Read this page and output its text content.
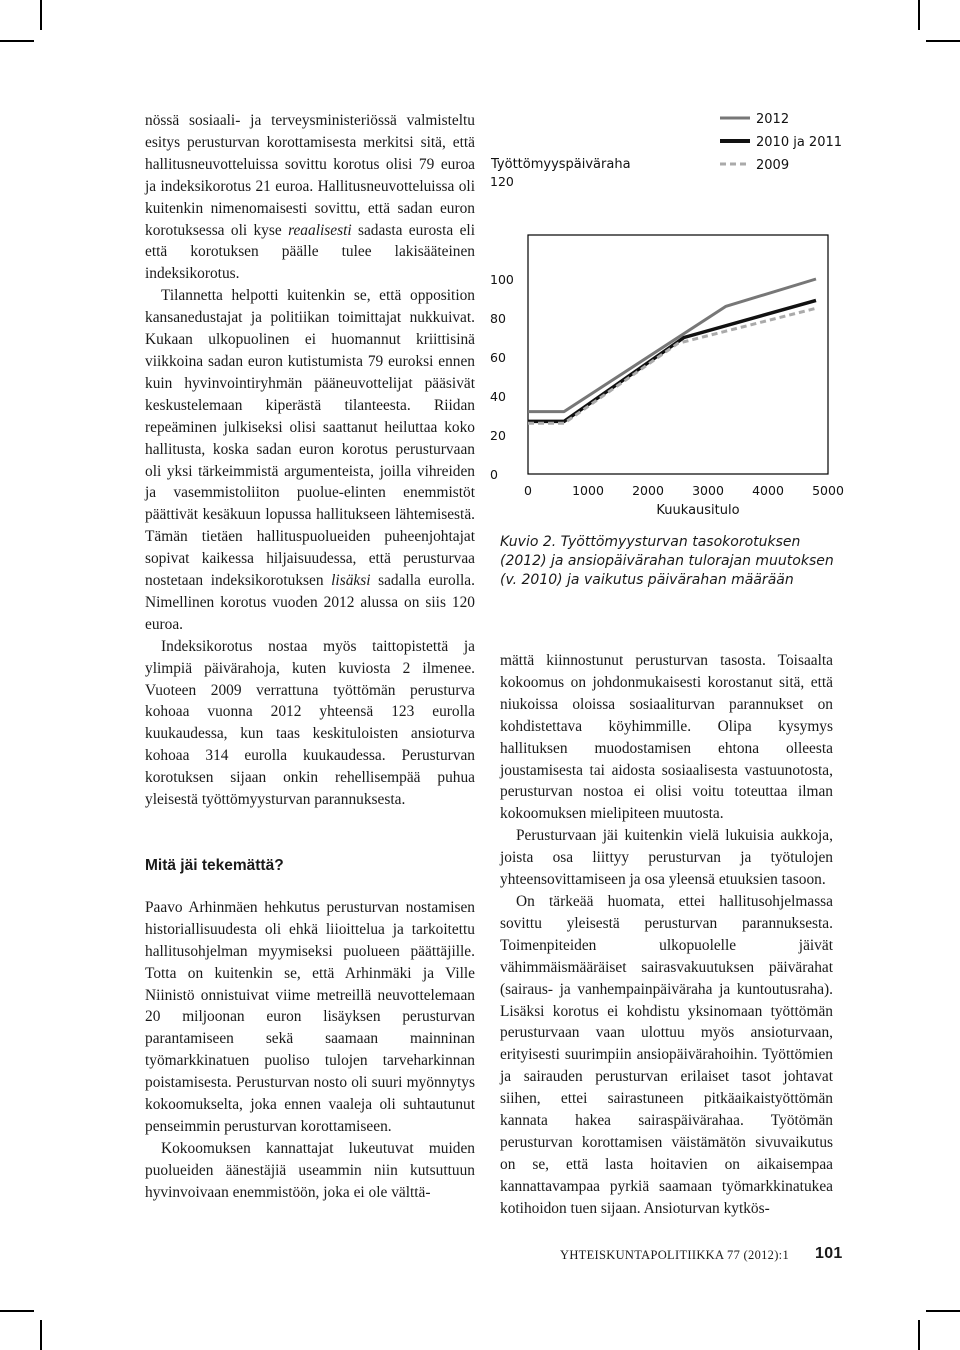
nössä sosiaali- ja terveysministeriössä valmisteltu esitys perusturvan korottamisesta merkitsi sitä, että hallitusneuvotteluissa sovittu korotus olisi 79 euroa ja indeksikorotus 21 euroa. Hallitusneuvotteluissa oli kuitenkin nimenomaisesti sovittu, että sadan euron korotuksessa oli kyse reaalisesti sadasta eurosta eli että korotuksen päälle tulee lakisääteinen indeksikorotus.

Tilannetta helpotti kuitenkin se, että opposition kansanedustajat ja politiikan toimittajat nukkuivat. Kukaan ulkopuolinen ei huomannut kriittisinä viikkoina sadan euron kutistumista 79 euroksi ennen kuin hyvinvointiryhmän pääneuvottelijat pääsivät keskustelemaan kiperästä tilanteesta. Riidan repeäminen julkiseksi olisi saattanut heiluttaa koko hallitusta, koska sadan euron korotus perusturvaan oli yksi tärkeimmistä argumenteista, joilla vihreiden ja vasemmistoliiton puolue-elinten enemmistöt päättivät kesäkuun lopussa hallitukseen lähtemisestä. Tämän tietäen hallituspuolueiden puheenjohtajat sopivat kaikessa hiljaisuudessa, että perusturvaa nostetaan indeksikorotuksen lisäksi sadalla eurolla. Nimellinen korotus vuoden 2012 alussa on siis 120 euroa.

Indeksikorotus nostaa myös taittopistettä ja ylimpiä päivärahoja, kuten kuviosta 2 ilmenee. Vuoteen 2009 verrattuna työttömän perusturva kohoaa vuonna 2012 yhteensä 123 eurolla kuukaudessa, kun taas keskituloisten ansioturva kohoaa 314 eurolla kuukaudessa. Perusturvan korotuksen sijaan onkin rehellisempää puhua yleisestä työttömyysturvan parannuksesta.

Mitä jäi tekemättä?

Paavo Arhinmäen hehkutus perusturvan nostamisen historiallisuudesta oli ehkä liioittelua ja tarkoitettu hallitusohjelman myymiseksi puolueen päättäjille. Totta on kuitenkin se, että Arhinmäki ja Ville Niinistö onnistuivat viime metreillä neuvottelemaan 20 miljoonan euron lisäyksen perusturvan parantamiseen sekä saamaan mainninan työmarkkinatuen puoliso tulojen tarveharkinnan poistamisesta. Perusturvan nosto oli suuri myönnytys kokoomukselta, joka ennen vaaleja oli suhtautunut penseimmin perusturvan korottamiseen.

Kokoomuksen kannattajat lukeutuvat muiden puolueiden äänestäjiä useammin niin kutsuttuun hyvinvoivaan enemmistöön, joka ei ole välttä-

0
20
40
60
80
100
120
0	1000 2000 3000 4000 5000
Työttömyyspäiväraha
Kuukausitulo
2012
2010 ja 2011
2009

Kuvio 2. Työttömyysturvan tasokorotuksen (2012) ja ansiopäivärahan tulorajan muutoksen (v. 2010) ja vaikutus päivärahan määrään

mättä kiinnostunut perusturvan tasosta. Toisaalta kokoomus on johdonmukaisesti korostanut sitä, että niukoissa oloissa sosiaaliturvan parannukset on kohdistettava köyhimmille. Olipa kysymys hallituksen muodostamisen ehtona olleesta joustamisesta tai aidosta sosiaalisesta vastuunotosta, perusturvan nostoa ei olisi voitu toteuttaa ilman kokoomuksen mielipiteen muutosta.

Perusturvaan jäi kuitenkin vielä lukuisia aukkoja, joista osa liittyy perusturvan ja työtulojen yhteensovittamiseen ja osa yleensä etuuksien tasoon.

On tärkeää huomata, ettei hallitusohjelmassa sovittu yleisestä perusturvan parannuksesta. Toimenpiteiden ulkopuolelle jäivät vähimmäismääräiset sairasvakuutuksen päivärahat (sairaus- ja vanhempainpäiväraha ja kuntoutusraha). Lisäksi korotus ei kohdistu yksinomaan työttömän perusturvaan vaan ulottuu myös ansioturvaan, erityisesti suurimpiin ansiopäivärahoihin. Työttömien ja sairauden perusturvan erilaiset tasot johtavat siihen, ettei sairastuneen pitkäaikaistyöttömän kannata hakea sairaspäivärahaa. Työtömän perusturvan korottamisen väistämätön sivuvaikutus on se, että lasta hoitavien on aikaisempaa kannattavampaa pyrkiä saamaan työmarkkinatukea kotihoidon tuen sijaan. Ansioturvan kytkös-

YHTEISKUNTAPOLITIIKKA 77 (2012):1 101
